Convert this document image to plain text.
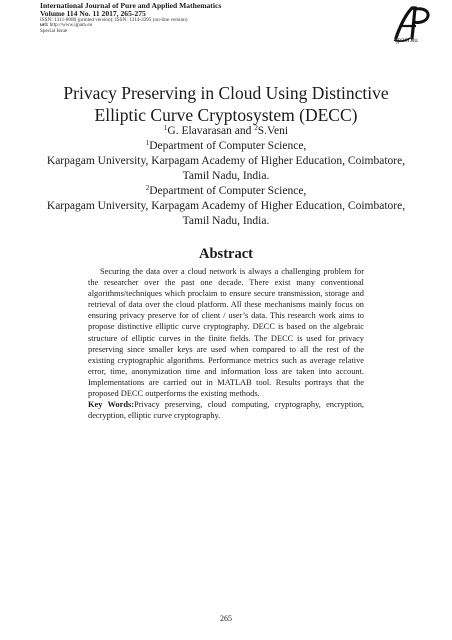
International Journal of Pure and Applied Mathematics
Volume 114 No. 11 2017, 265-275
ISSN: 1311-8080 (printed version); ISSN: 1314-3395 (on-line version)
url: http://www.ijpam.eu
Special Issue
ijpam.eu
Privacy Preserving in Cloud Using Distinctive
Elliptic Curve Cryptosystem (DECC)
$^1$G. Elavarasan and $^2$S.Veni
$^1$Department of Computer Science,
Karpagam University, Karpagam Academy of Higher Education, Coimbatore,
Tamil Nadu, India.
$^2$Department of Computer Science,
Karpagam University, Karpagam Academy of Higher Education, Coimbatore,
Tamil Nadu, India.
Abstract

Securing the data over a cloud network is always a challenging problem for the researcher over the past one decade. There exist many conventional algorithms/techniques which proclaim to ensure secure transmission, storage and retrieval of data over the cloud platform. All these mechanisms mainly focus on ensuring privacy preserve for of client / user’s data. This research work aims to propose distinctive elliptic curve cryptography. DECC is based on the algebraic structure of elliptic curves in the finite fields. The DECC is used for privacy preserving since smaller keys are used when compared to all the rest of the existing cryptographic algorithms. Performance metrics such as average relative error, time, anonymization time and information loss are taken into account. Implementations are carried out in MATLAB tool. Results portrays that the proposed DECC outperforms the existing methods.

Key Words:Privacy preserving, cloud computing, cryptography, encryption, decryption, elliptic curve cryptography.

265
